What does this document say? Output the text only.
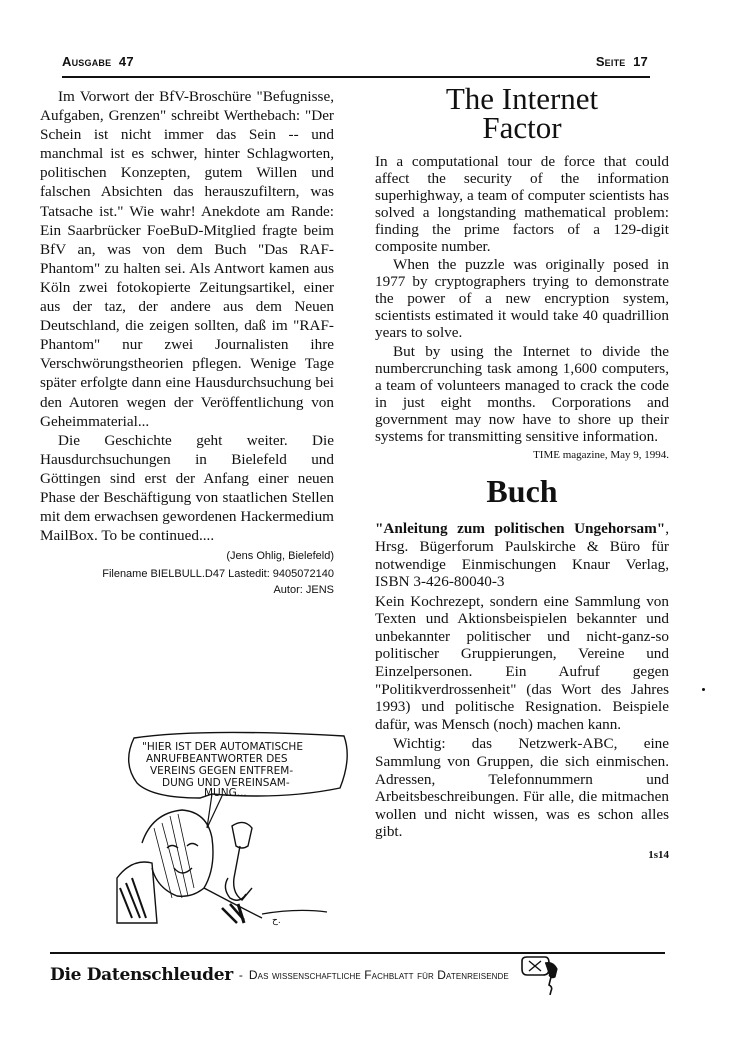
Ausgabe 47	Seite 17

Im Vorwort der BfV-Broschüre "Befugnisse, Aufgaben, Grenzen" schreibt Werthebach: "Der Schein ist nicht immer das Sein -- und manchmal ist es schwer, hinter Schlagworten, politischen Konzepten, gutem Willen und falschen Absichten das herauszufiltern, was Tatsache ist." Wie wahr! Anekdote am Rande: Ein Saarbrücker FoeBuD-Mitglied fragte beim BfV an, was von dem Buch "Das RAF-Phantom" zu halten sei. Als Antwort kamen aus Köln zwei fotokopierte Zeitungsartikel, einer aus der taz, der andere aus dem Neuen Deutschland, die zeigen sollten, daß im "RAF-Phantom" nur zwei Journalisten ihre Verschwörungstheorien pflegen. Wenige Tage später erfolgte dann eine Hausdurchsuchung bei den Autoren wegen der Veröffentlichung von Geheimmaterial...

Die Geschichte geht weiter. Die Hausdurchsuchungen in Bielefeld und Göttingen sind erst der Anfang einer neuen Phase der Beschäftigung von staatlichen Stellen mit dem erwachsen gewordenen Hackermedium MailBox. To be continued....

(Jens Ohlig, Bielefeld)
Filename BIELBULL.D47 Lastedit: 9405072140
Autor: JENS
"HIER IST DER AUTOMATISCHE ANRUFBEANTWORTER DES VEREINS GEGEN ENTFREM- DUNG UND VEREINSAM- MUNG...
ح.
The Internet
Factor

In a computational tour de force that could affect the security of the information superhighway, a team of computer scientists has solved a longstanding mathematical problem: finding the prime factors of a 129-digit composite number.

When the puzzle was originally posed in 1977 by cryptographers trying to demonstrate the power of a new encryption system, scientists estimated it would take 40 quadrillion years to solve.

But by using the Internet to divide the numbercrunching task among 1,600 computers, a team of volunteers managed to crack the code in just eight months. Corporations and government may now have to shore up their systems for transmitting sensitive information.

TIME magazine, May 9, 1994.
Buch

"Anleitung zum politischen Ungehorsam", Hrsg. Bügerforum Paulskirche & Büro für notwendige Einmischungen Knaur Verlag, ISBN 3-426-80040-3

Kein Kochrezept, sondern eine Sammlung von Texten und Aktionsbeispielen bekannter und unbekannter politischer und nicht-ganz-so politischer Gruppierungen, Vereine und Einzelpersonen. Ein Aufruf gegen "Politikverdrossenheit" (das Wort des Jahres 1993) und politische Resignation. Beispiele dafür, was Mensch (noch) machen kann.

Wichtig: das Netzwerk-ABC, eine Sammlung von Gruppen, die sich einmischen. Adressen, Telefonnummern und Arbeitsbeschreibungen. Für alle, die mitmachen wollen und nicht wissen, was es schon alles gibt.

1s14
Die Datenschleuder - Das wissenschaftliche Fachblatt für Datenreisende
